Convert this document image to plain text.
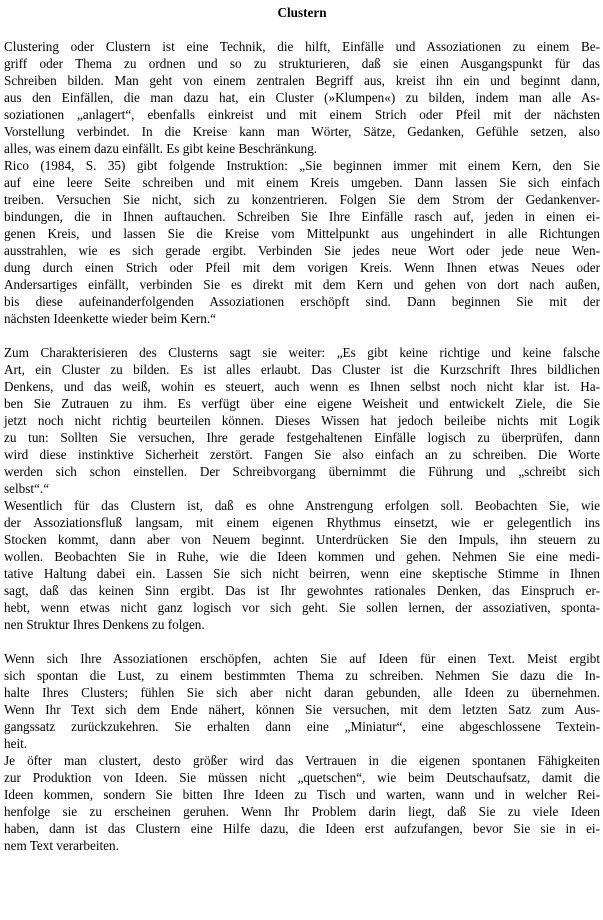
Clustern
Clustering oder Clustern ist eine Technik, die hilft, Einfälle und Assoziationen zu einem Be-
griff oder Thema zu ordnen und so zu strukturieren, daß sie einen Ausgangspunkt für das
Schreiben bilden. Man geht von einem zentralen Begriff aus, kreist ihn ein und beginnt dann,
aus den Einfällen, die man dazu hat, ein Cluster (»Klumpen«) zu bilden, indem man alle As-
soziationen „anlagert“, ebenfalls einkreist und mit einem Strich oder Pfeil mit der nächsten
Vorstellung verbindet. In die Kreise kann man Wörter, Sätze, Gedanken, Gefühle setzen, also
alles, was einem dazu einfällt. Es gibt keine Beschränkung.
Rico (1984, S. 35) gibt folgende Instruktion: „Sie beginnen immer mit einem Kern, den Sie
auf eine leere Seite schreiben und mit einem Kreis umgeben. Dann lassen Sie sich einfach
treiben. Versuchen Sie nicht, sich zu konzentrieren. Folgen Sie dem Strom der Gedankenver-
bindungen, die in Ihnen auftauchen. Schreiben Sie Ihre Einfälle rasch auf, jeden in einen ei-
genen Kreis, und lassen Sie die Kreise vom Mittelpunkt aus ungehindert in alle Richtungen
ausstrahlen, wie es sich gerade ergibt. Verbinden Sie jedes neue Wort oder jede neue Wen-
dung durch einen Strich oder Pfeil mit dem vorigen Kreis. Wenn Ihnen etwas Neues oder
Andersartiges einfällt, verbinden Sie es direkt mit dem Kern und gehen von dort nach außen,
bis diese aufeinanderfolgenden Assoziationen erschöpft sind. Dann beginnen Sie mit der
nächsten Ideenkette wieder beim Kern.“
Zum Charakterisieren des Clusterns sagt sie weiter: „Es gibt keine richtige und keine falsche
Art, ein Cluster zu bilden. Es ist alles erlaubt. Das Cluster ist die Kurzschrift Ihres bildlichen
Denkens, und das weiß, wohin es steuert, auch wenn es Ihnen selbst noch nicht klar ist. Ha-
ben Sie Zutrauen zu ihm. Es verfügt über eine eigene Weisheit und entwickelt Ziele, die Sie
jetzt noch nicht richtig beurteilen können. Dieses Wissen hat jedoch beileibe nichts mit Logik
zu tun: Sollten Sie versuchen, Ihre gerade festgehaltenen Einfälle logisch zu überprüfen, dann
wird diese instinktive Sicherheit zerstört. Fangen Sie also einfach an zu schreiben. Die Worte
werden sich schon einstellen. Der Schreibvorgang übernimmt die Führung und „schreibt sich
selbst“.“
Wesentlich für das Clustern ist, daß es ohne Anstrengung erfolgen soll. Beobachten Sie, wie
der Assoziationsfluß langsam, mit einem eigenen Rhythmus einsetzt, wie er gelegentlich ins
Stocken kommt, dann aber von Neuem beginnt. Unterdrücken Sie den Impuls, ihn steuern zu
wollen. Beobachten Sie in Ruhe, wie die Ideen kommen und gehen. Nehmen Sie eine medi-
tative Haltung dabei ein. Lassen Sie sich nicht beirren, wenn eine skeptische Stimme in Ihnen
sagt, daß das keinen Sinn ergibt. Das ist Ihr gewohntes rationales Denken, das Einspruch er-
hebt, wenn etwas nicht ganz logisch vor sich geht. Sie sollen lernen, der assoziativen, sponta-
nen Struktur Ihres Denkens zu folgen.
Wenn sich Ihre Assoziationen erschöpfen, achten Sie auf Ideen für einen Text. Meist ergibt
sich spontan die Lust, zu einem bestimmten Thema zu schreiben. Nehmen Sie dazu die In-
halte Ihres Clusters; fühlen Sie sich aber nicht daran gebunden, alle Ideen zu übernehmen.
Wenn Ihr Text sich dem Ende nähert, können Sie versuchen, mit dem letzten Satz zum Aus-
gangssatz zurückzukehren. Sie erhalten dann eine „Miniatur“, eine abgeschlossene Textein-
heit.
Je öfter man clustert, desto größer wird das Vertrauen in die eigenen spontanen Fähigkeiten
zur Produktion von Ideen. Sie müssen nicht „quetschen“, wie beim Deutschaufsatz, damit die
Ideen kommen, sondern Sie bitten Ihre Ideen zu Tisch und warten, wann und in welcher Rei-
henfolge sie zu erscheinen geruhen. Wenn Ihr Problem darin liegt, daß Sie zu viele Ideen
haben, dann ist das Clustern eine Hilfe dazu, die Ideen erst aufzufangen, bevor Sie sie in ei-
nem Text verarbeiten.
